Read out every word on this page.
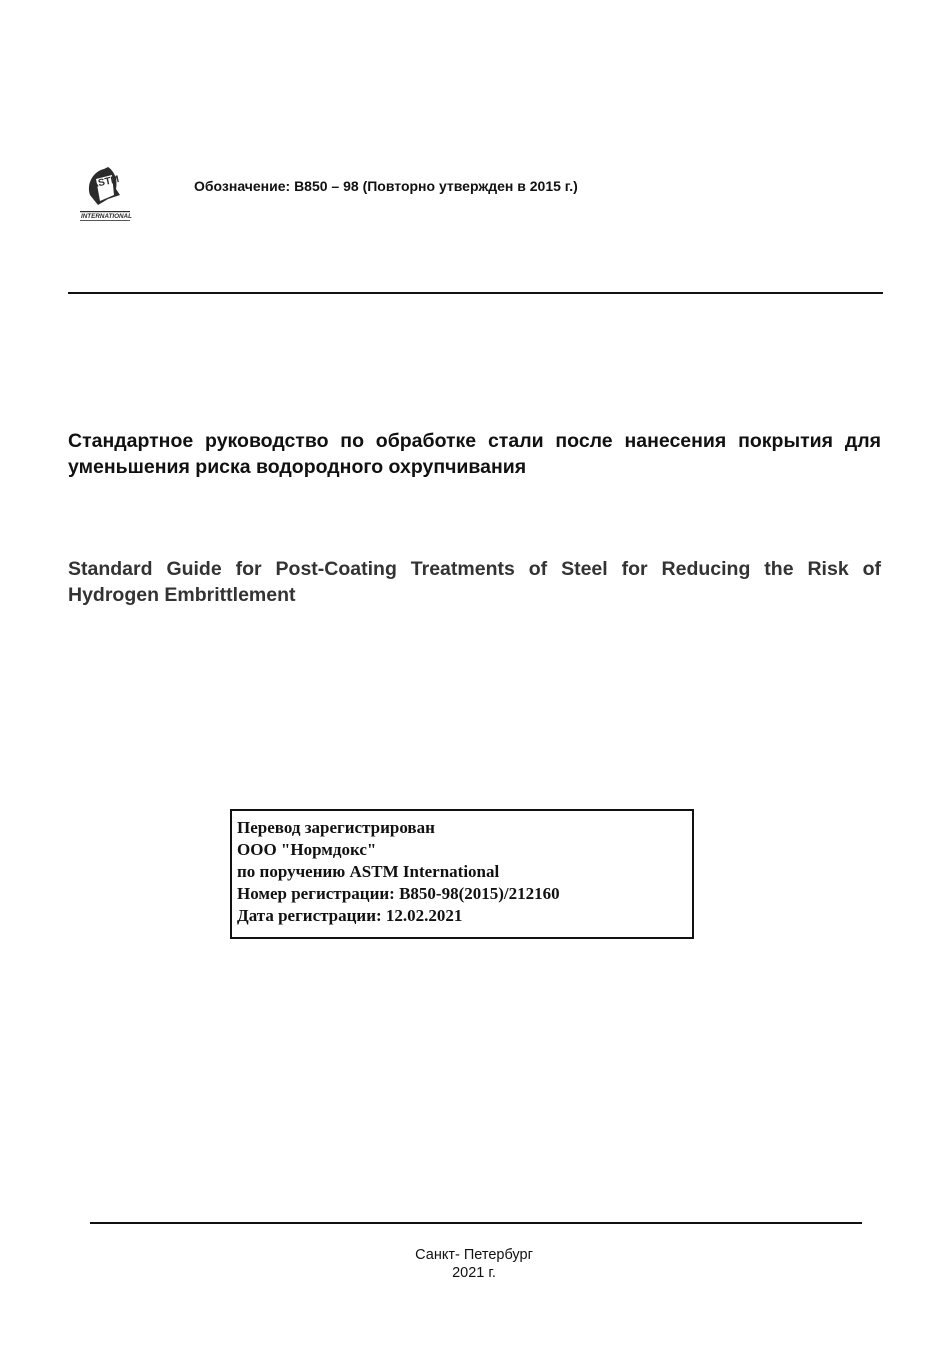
ASTM
INTERNATIONAL
Обозначение: B850 – 98 (Повторно утвержден в 2015 г.)
Стандартное руководство по обработке стали после нанесения покрытия для уменьшения риска водородного охрупчивания
Standard Guide for Post-Coating Treatments of Steel for Reducing the Risk of Hydrogen Embrittlement
Перевод зарегистрирован
ООО "Нормдокс"
по поручению ASTM International
Номер регистрации: B850-98(2015)/212160
Дата регистрации: 12.02.2021
Санкт- Петербург
2021 г.
